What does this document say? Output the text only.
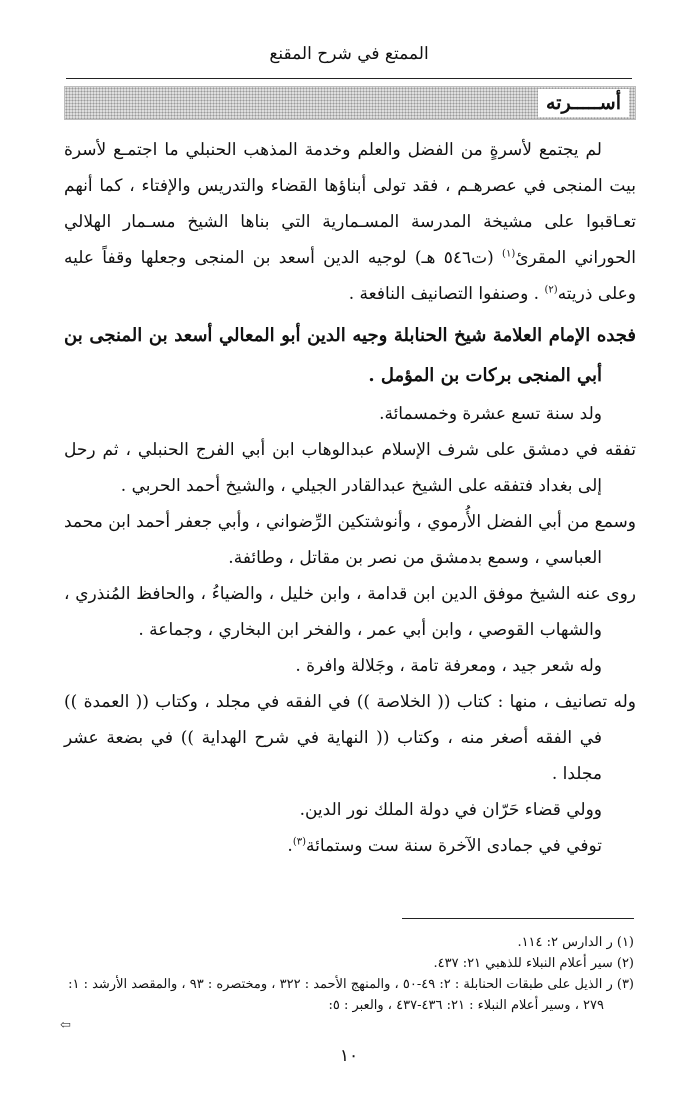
الممتع في شرح المقنع
أســـــرته

لم يجتمع لأسرةٍ من الفضل والعلم وخدمة المذهب الحنبلي ما اجتمـع لأسرة بيت المنجى في عصرهـم ، فقد تولى أبناؤها القضاء والتدريس والإفتاء ، كما أنهم تعـاقبوا على مشيخة المدرسة المسـمارية التي بناها الشيخ مسـمار الهلالي الحوراني المقرئ$^{(١)}$ (ت٥٤٦ هـ) لوجيه الدين أسعد بن المنجى وجعلها وقفاً عليه وعلى ذريته$^{(٢)}$ . وصنفوا التصانيف النافعة .

فجده الإمام العلامة شيخ الحنابلة وجيه الدين أبو المعالي أسعد بن المنجى بن أبي المنجى بركات بن المؤمل .

ولد سنة تسع عشرة وخمسمائة.

تفقه في دمشق على شرف الإسلام عبدالوهاب ابن أبي الفرج الحنبلي ، ثم رحل إلى بغداد فتفقه على الشيخ عبدالقادر الجيلي ، والشيخ أحمد الحربي .

وسمع من أبي الفضل الأُرموي ، وأنوشتكين الرِّضواني ، وأبي جعفر أحمد ابن محمد العباسي ، وسمع بدمشق من نصر بن مقاتل ، وطائفة.

روى عنه الشيخ موفق الدين ابن قدامة ، وابن خليل ، والضياءُ ، والحافظ المُنذري ، والشهاب القوصي ، وابن أبي عمر ، والفخر ابن البخاري ، وجماعة .

وله شعر جيد ، ومعرفة تامة ، وجَلالة وافرة .

وله تصانيف ، منها : كتاب (( الخلاصة )) في الفقه في مجلد ، وكتاب (( العمدة )) في الفقه أصغر منه ، وكتاب (( النهاية في شرح الهداية )) في بضعة عشر مجلدا .

وولي قضاء حَرّان في دولة الملك نور الدين.

توفي في جمادى الآخرة سنة ست وستمائة$^{(٣)}$.

(١) ر الدارس ٢: ١١٤.

(٢) سير أعلام النبلاء للذهبي ٢١: ٤٣٧.

(٣) ر الذيل على طبقات الحنابلة : ٢: ٤٩-٥٠ ، والمنهج الأحمد : ٣٢٢ ، ومختصره : ٩٣ ، والمقصد الأرشد : ١: ٢٧٩ ، وسير أعلام النبلاء : ٢١: ٤٣٦-٤٣٧ ، والعبر : ٥:

⇦
١٠
